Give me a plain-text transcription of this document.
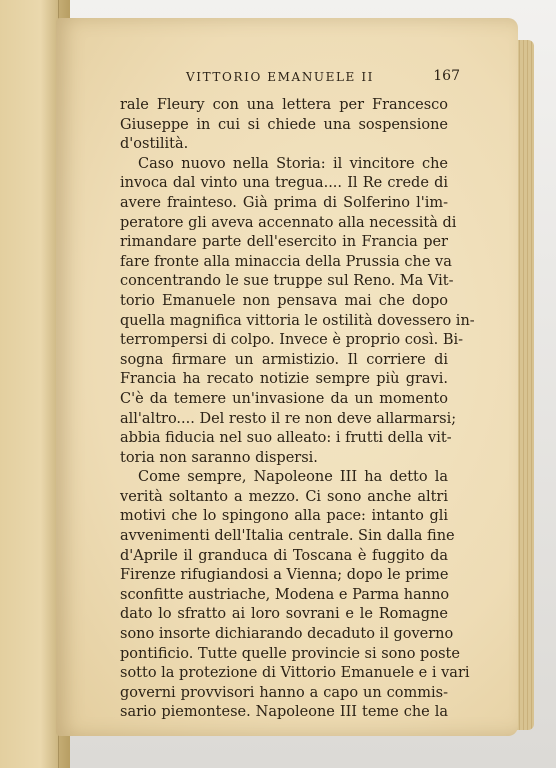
VITTORIO EMANUELE II	167
rale Fleury con una lettera per Francesco
Giuseppe in cui si chiede una sospensione
d'ostilità.
Caso nuovo nella Storia: il vincitore che
invoca dal vinto una tregua.... Il Re crede di
avere frainteso. Già prima di Solferino l'im-
peratore gli aveva accennato alla necessità di
rimandare parte dell'esercito in Francia per
fare fronte alla minaccia della Prussia che va
concentrando le sue truppe sul Reno. Ma Vit-
torio Emanuele non pensava mai che dopo
quella magnifica vittoria le ostilità dovessero in-
terrompersi di colpo. Invece è proprio così. Bi-
sogna firmare un armistizio. Il corriere di
Francia ha recato notizie sempre più gravi.
C'è da temere un'invasione da un momento
all'altro.... Del resto il re non deve allarmarsi;
abbia fiducia nel suo alleato: i frutti della vit-
toria non saranno dispersi.
Come sempre, Napoleone III ha detto la
verità soltanto a mezzo. Ci sono anche altri
motivi che lo spingono alla pace: intanto gli
avvenimenti dell'Italia centrale. Sin dalla fine
d'Aprile il granduca di Toscana è fuggito da
Firenze rifugiandosi a Vienna; dopo le prime
sconfitte austriache, Modena e Parma hanno
dato lo sfratto ai loro sovrani e le Romagne
sono insorte dichiarando decaduto il governo
pontificio. Tutte quelle provincie si sono poste
sotto la protezione di Vittorio Emanuele e i vari
governi provvisori hanno a capo un commis-
sario piemontese. Napoleone III teme che la
